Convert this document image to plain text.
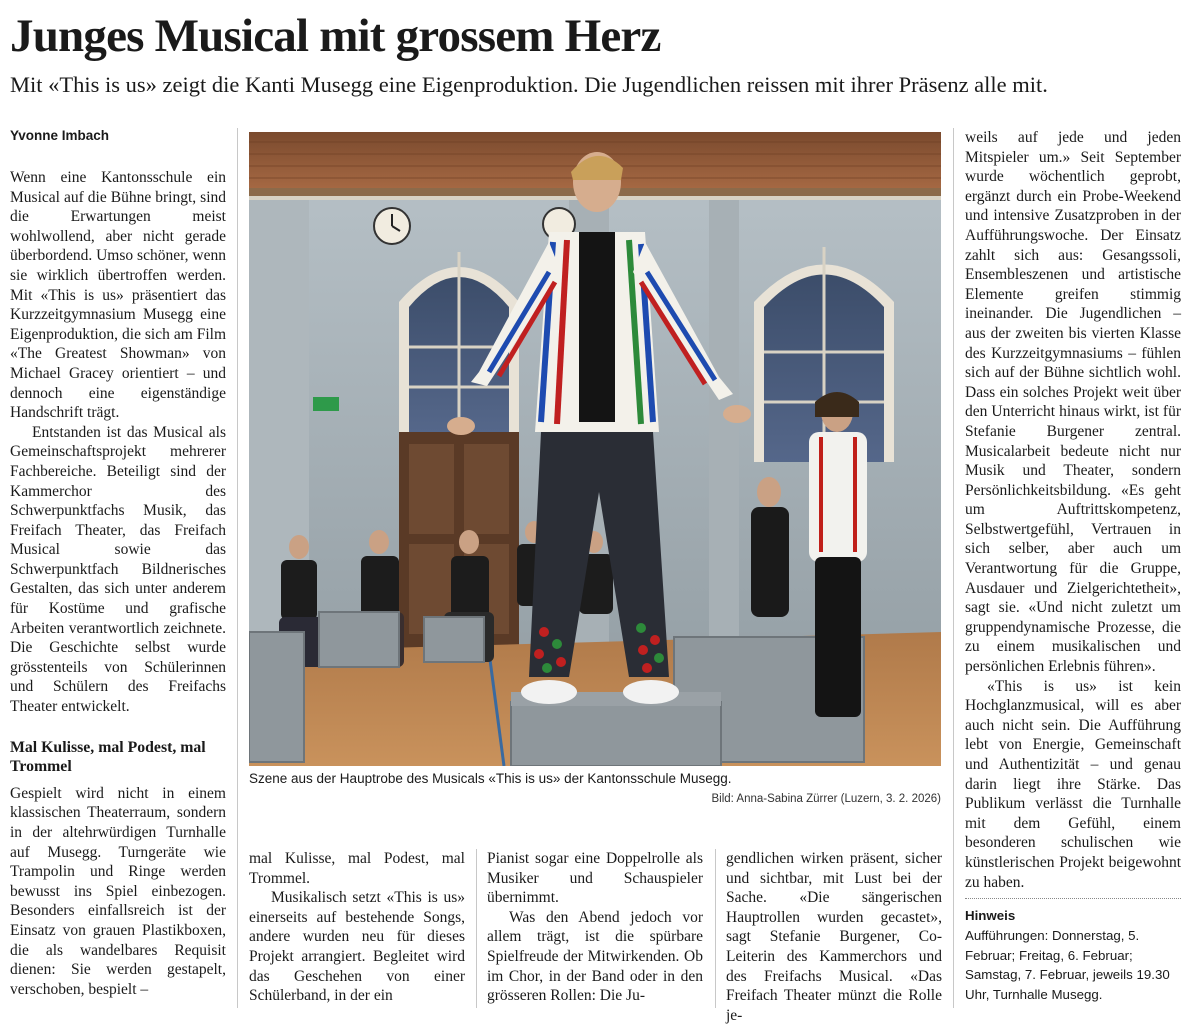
Junges Musical mit grossem Herz

Mit «This is us» zeigt die Kanti Musegg eine Eigenproduktion. Die Jugendlichen reissen mit ihrer Präsenz alle mit.

Yvonne Imbach

Wenn eine Kantonsschule ein Musical auf die Bühne bringt, sind die Erwartungen meist wohlwollend, aber nicht gerade überbordend. Umso schöner, wenn sie wirklich übertroffen werden. Mit «This is us» präsentiert das Kurzzeitgymnasium Musegg eine Eigenproduktion, die sich am Film «The Greatest Showman» von Michael Gracey orientiert – und dennoch eine eigenständige Handschrift trägt.

Entstanden ist das Musical als Gemeinschaftsprojekt mehrerer Fachbereiche. Beteiligt sind der Kammerchor des Schwerpunktfachs Musik, das Freifach Theater, das Freifach Musical sowie das Schwerpunktfach Bildnerisches Gestalten, das sich unter anderem für Kostüme und grafische Arbeiten verantwortlich zeichnete. Die Geschichte selbst wurde grösstenteils von Schülerinnen und Schülern des Freifachs Theater entwickelt.

Mal Kulisse, mal Podest, mal Trommel

Gespielt wird nicht in einem klassischen Theaterraum, sondern in der altehrwürdigen Turnhalle auf Musegg. Turngeräte wie Trampolin und Ringe werden bewusst ins Spiel einbezogen. Besonders einfallsreich ist der Einsatz von grauen Plastikboxen, die als wandelbares Requisit dienen: Sie werden gestapelt, verschoben, bespielt –

Szene aus der Hauptrobe des Musicals «This is us» der Kantonsschule Musegg.
Bild: Anna-Sabina Zürrer (Luzern, 3. 2. 2026)

mal Kulisse, mal Podest, mal Trommel.

Musikalisch setzt «This is us» einerseits auf bestehende Songs, andere wurden neu für dieses Projekt arrangiert. Begleitet wird das Geschehen von einer Schülerband, in der ein

Pianist sogar eine Doppelrolle als Musiker und Schauspieler übernimmt.

Was den Abend jedoch vor allem trägt, ist die spürbare Spielfreude der Mitwirkenden. Ob im Chor, in der Band oder in den grösseren Rollen: Die Ju-

gendlichen wirken präsent, sicher und sichtbar, mit Lust bei der Sache. «Die sängerischen Hauptrollen wurden gecastet», sagt Stefanie Burgener, Co-Leiterin des Kammerchors und des Freifachs Musical. «Das Freifach Theater münzt die Rolle je-

weils auf jede und jeden Mitspieler um.» Seit September wurde wöchentlich geprobt, ergänzt durch ein Probe-Weekend und intensive Zusatzproben in der Aufführungswoche. Der Einsatz zahlt sich aus: Gesangssoli, Ensembleszenen und artistische Elemente greifen stimmig ineinander. Die Jugendlichen – aus der zweiten bis vierten Klasse des Kurzzeitgymnasiums – fühlen sich auf der Bühne sichtlich wohl. Dass ein solches Projekt weit über den Unterricht hinaus wirkt, ist für Stefanie Burgener zentral. Musicalarbeit bedeute nicht nur Musik und Theater, sondern Persönlichkeitsbildung. «Es geht um Auftrittskompetenz, Selbstwertgefühl, Vertrauen in sich selber, aber auch um Verantwortung für die Gruppe, Ausdauer und Zielgerichtetheit», sagt sie. «Und nicht zuletzt um gruppendynamische Prozesse, die zu einem musikalischen und persönlichen Erlebnis führen».

«This is us» ist kein Hochglanzmusical, will es aber auch nicht sein. Die Aufführung lebt von Energie, Gemeinschaft und Authentizität – und genau darin liegt ihre Stärke. Das Publikum verlässt die Turnhalle mit dem Gefühl, einem besonderen schulischen wie künstlerischen Projekt beigewohnt zu haben.

Hinweis
Aufführungen: Donnerstag, 5. Februar; Freitag, 6. Februar; Samstag, 7. Februar, jeweils 19.30 Uhr, Turnhalle Musegg.
